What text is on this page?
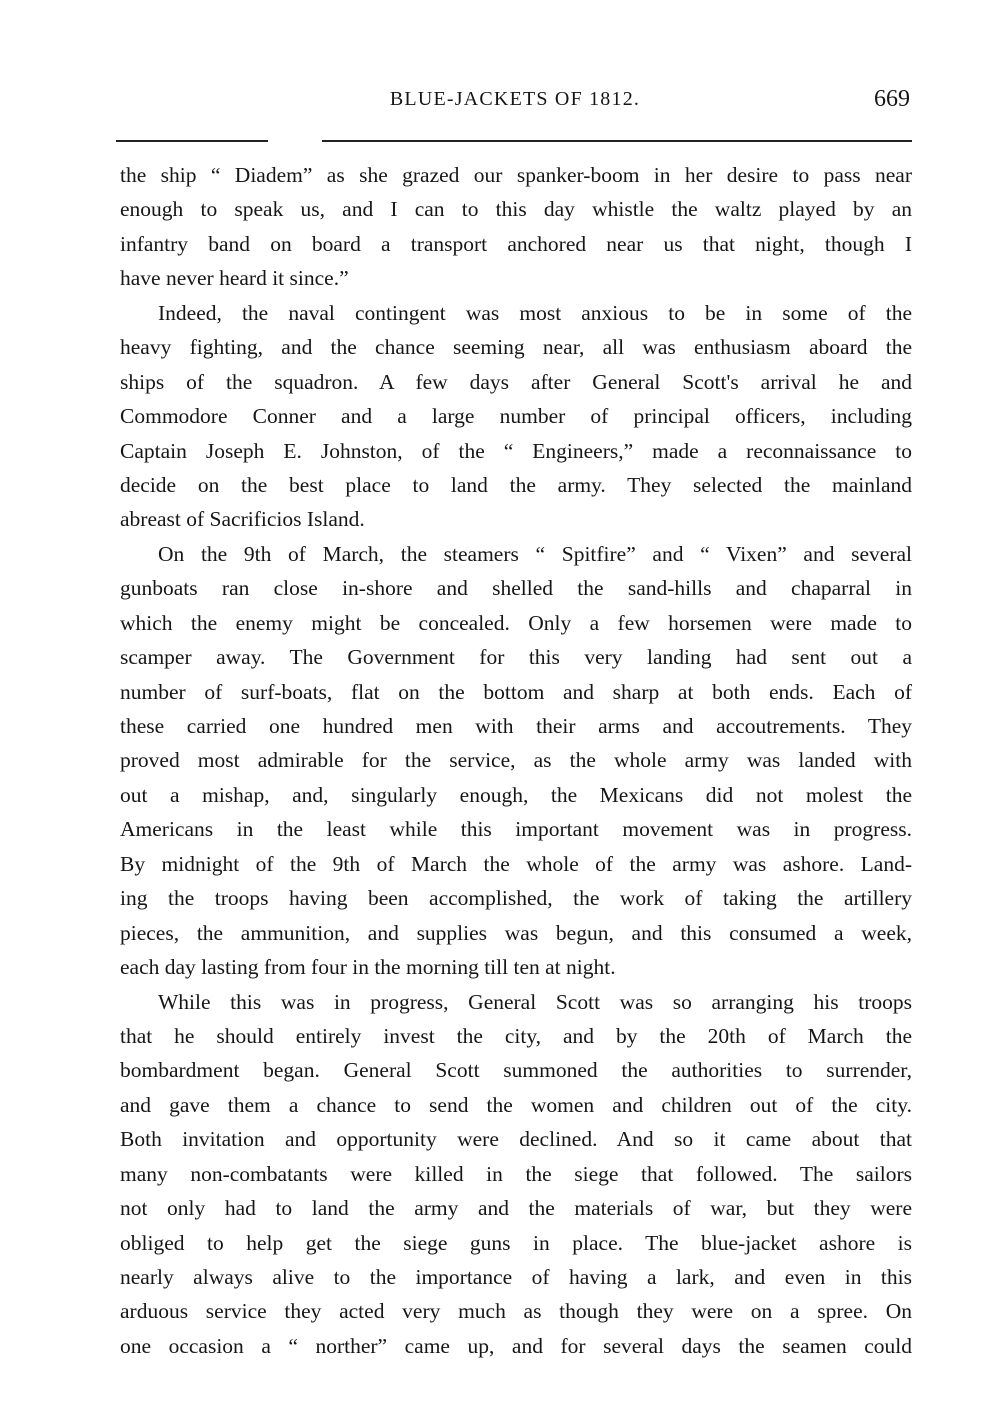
BLUE-JACKETS OF 1812.	669
the ship “ Diadem” as she grazed our spanker-boom in her desire to pass near
enough to speak us, and I can to this day whistle the waltz played by an
infantry band on board a transport anchored near us that night, though I
have never heard it since.”
Indeed, the naval contingent was most anxious to be in some of the
heavy fighting, and the chance seeming near, all was enthusiasm aboard the
ships of the squadron. A few days after General Scott's arrival he and
Commodore Conner and a large number of principal officers, including
Captain Joseph E. Johnston, of the “ Engineers,” made a reconnaissance to
decide on the best place to land the army. They selected the mainland
abreast of Sacrificios Island.
On the 9th of March, the steamers “ Spitfire” and “ Vixen” and several
gunboats ran close in-shore and shelled the sand-hills and chaparral in
which the enemy might be concealed. Only a few horsemen were made to
scamper away. The Government for this very landing had sent out a
number of surf-boats, flat on the bottom and sharp at both ends. Each of
these carried one hundred men with their arms and accoutrements. They
proved most admirable for the service, as the whole army was landed with
out a mishap, and, singularly enough, the Mexicans did not molest the
Americans in the least while this important movement was in progress.
By midnight of the 9th of March the whole of the army was ashore. Land-
ing the troops having been accomplished, the work of taking the artillery
pieces, the ammunition, and supplies was begun, and this consumed a week,
each day lasting from four in the morning till ten at night.
While this was in progress, General Scott was so arranging his troops
that he should entirely invest the city, and by the 20th of March the
bombardment began. General Scott summoned the authorities to surrender,
and gave them a chance to send the women and children out of the city.
Both invitation and opportunity were declined. And so it came about that
many non-combatants were killed in the siege that followed. The sailors
not only had to land the army and the materials of war, but they were
obliged to help get the siege guns in place. The blue-jacket ashore is
nearly always alive to the importance of having a lark, and even in this
arduous service they acted very much as though they were on a spree. On
one occasion a “ norther” came up, and for several days the seamen could
